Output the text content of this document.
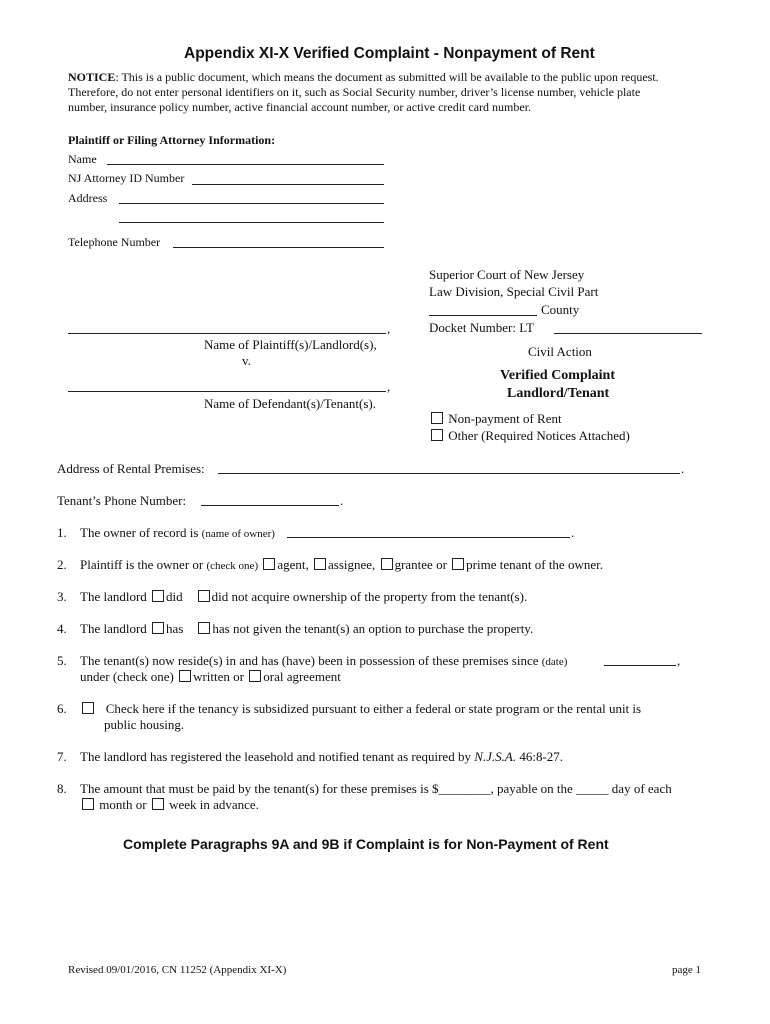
Appendix XI-X Verified Complaint - Nonpayment of Rent
NOTICE: This is a public document, which means the document as submitted will be available to the public upon request.
Therefore, do not enter personal identifiers on it, such as Social Security number, driver’s license number, vehicle plate
number, insurance policy number, active financial account number, or active credit card number.
Plaintiff or Filing Attorney Information:
Name
NJ Attorney ID Number
Address
Telephone Number
Superior Court of New Jersey
Law Division, Special Civil Part
County
Docket Number: LT
Civil Action
Verified Complaint
Landlord/Tenant
Non-payment of Rent
Other (Required Notices Attached)
,
Name of Plaintiff(s)/Landlord(s),
v.
,
Name of Defendant(s)/Tenant(s).
Address of Rental Premises:	.
Tenant’s Phone Number:	.
1. The owner of record is (name of owner)	.
2. Plaintiff is the owner or (check one) agent, assignee, grantee or prime tenant of the owner.
3. The landlord did did not acquire ownership of the property from the tenant(s).
4. The landlord has has not given the tenant(s) an option to purchase the property.
5. The tenant(s) now reside(s) in and has (have) been in possession of these premises since (date)	,
under (check one) written or oral agreement
6.	Check here if the tenancy is subsidized pursuant to either a federal or state program or the rental unit is
public housing.
7. The landlord has registered the leasehold and notified tenant as required by N.J.S.A. 46:8-27.
8. The amount that must be paid by the tenant(s) for these premises is $________, payable on the _____ day of each
month or week in advance.
Complete Paragraphs 9A and 9B if Complaint is for Non-Payment of Rent
Revised 09/01/2016, CN 11252 (Appendix XI-X)	page 1
